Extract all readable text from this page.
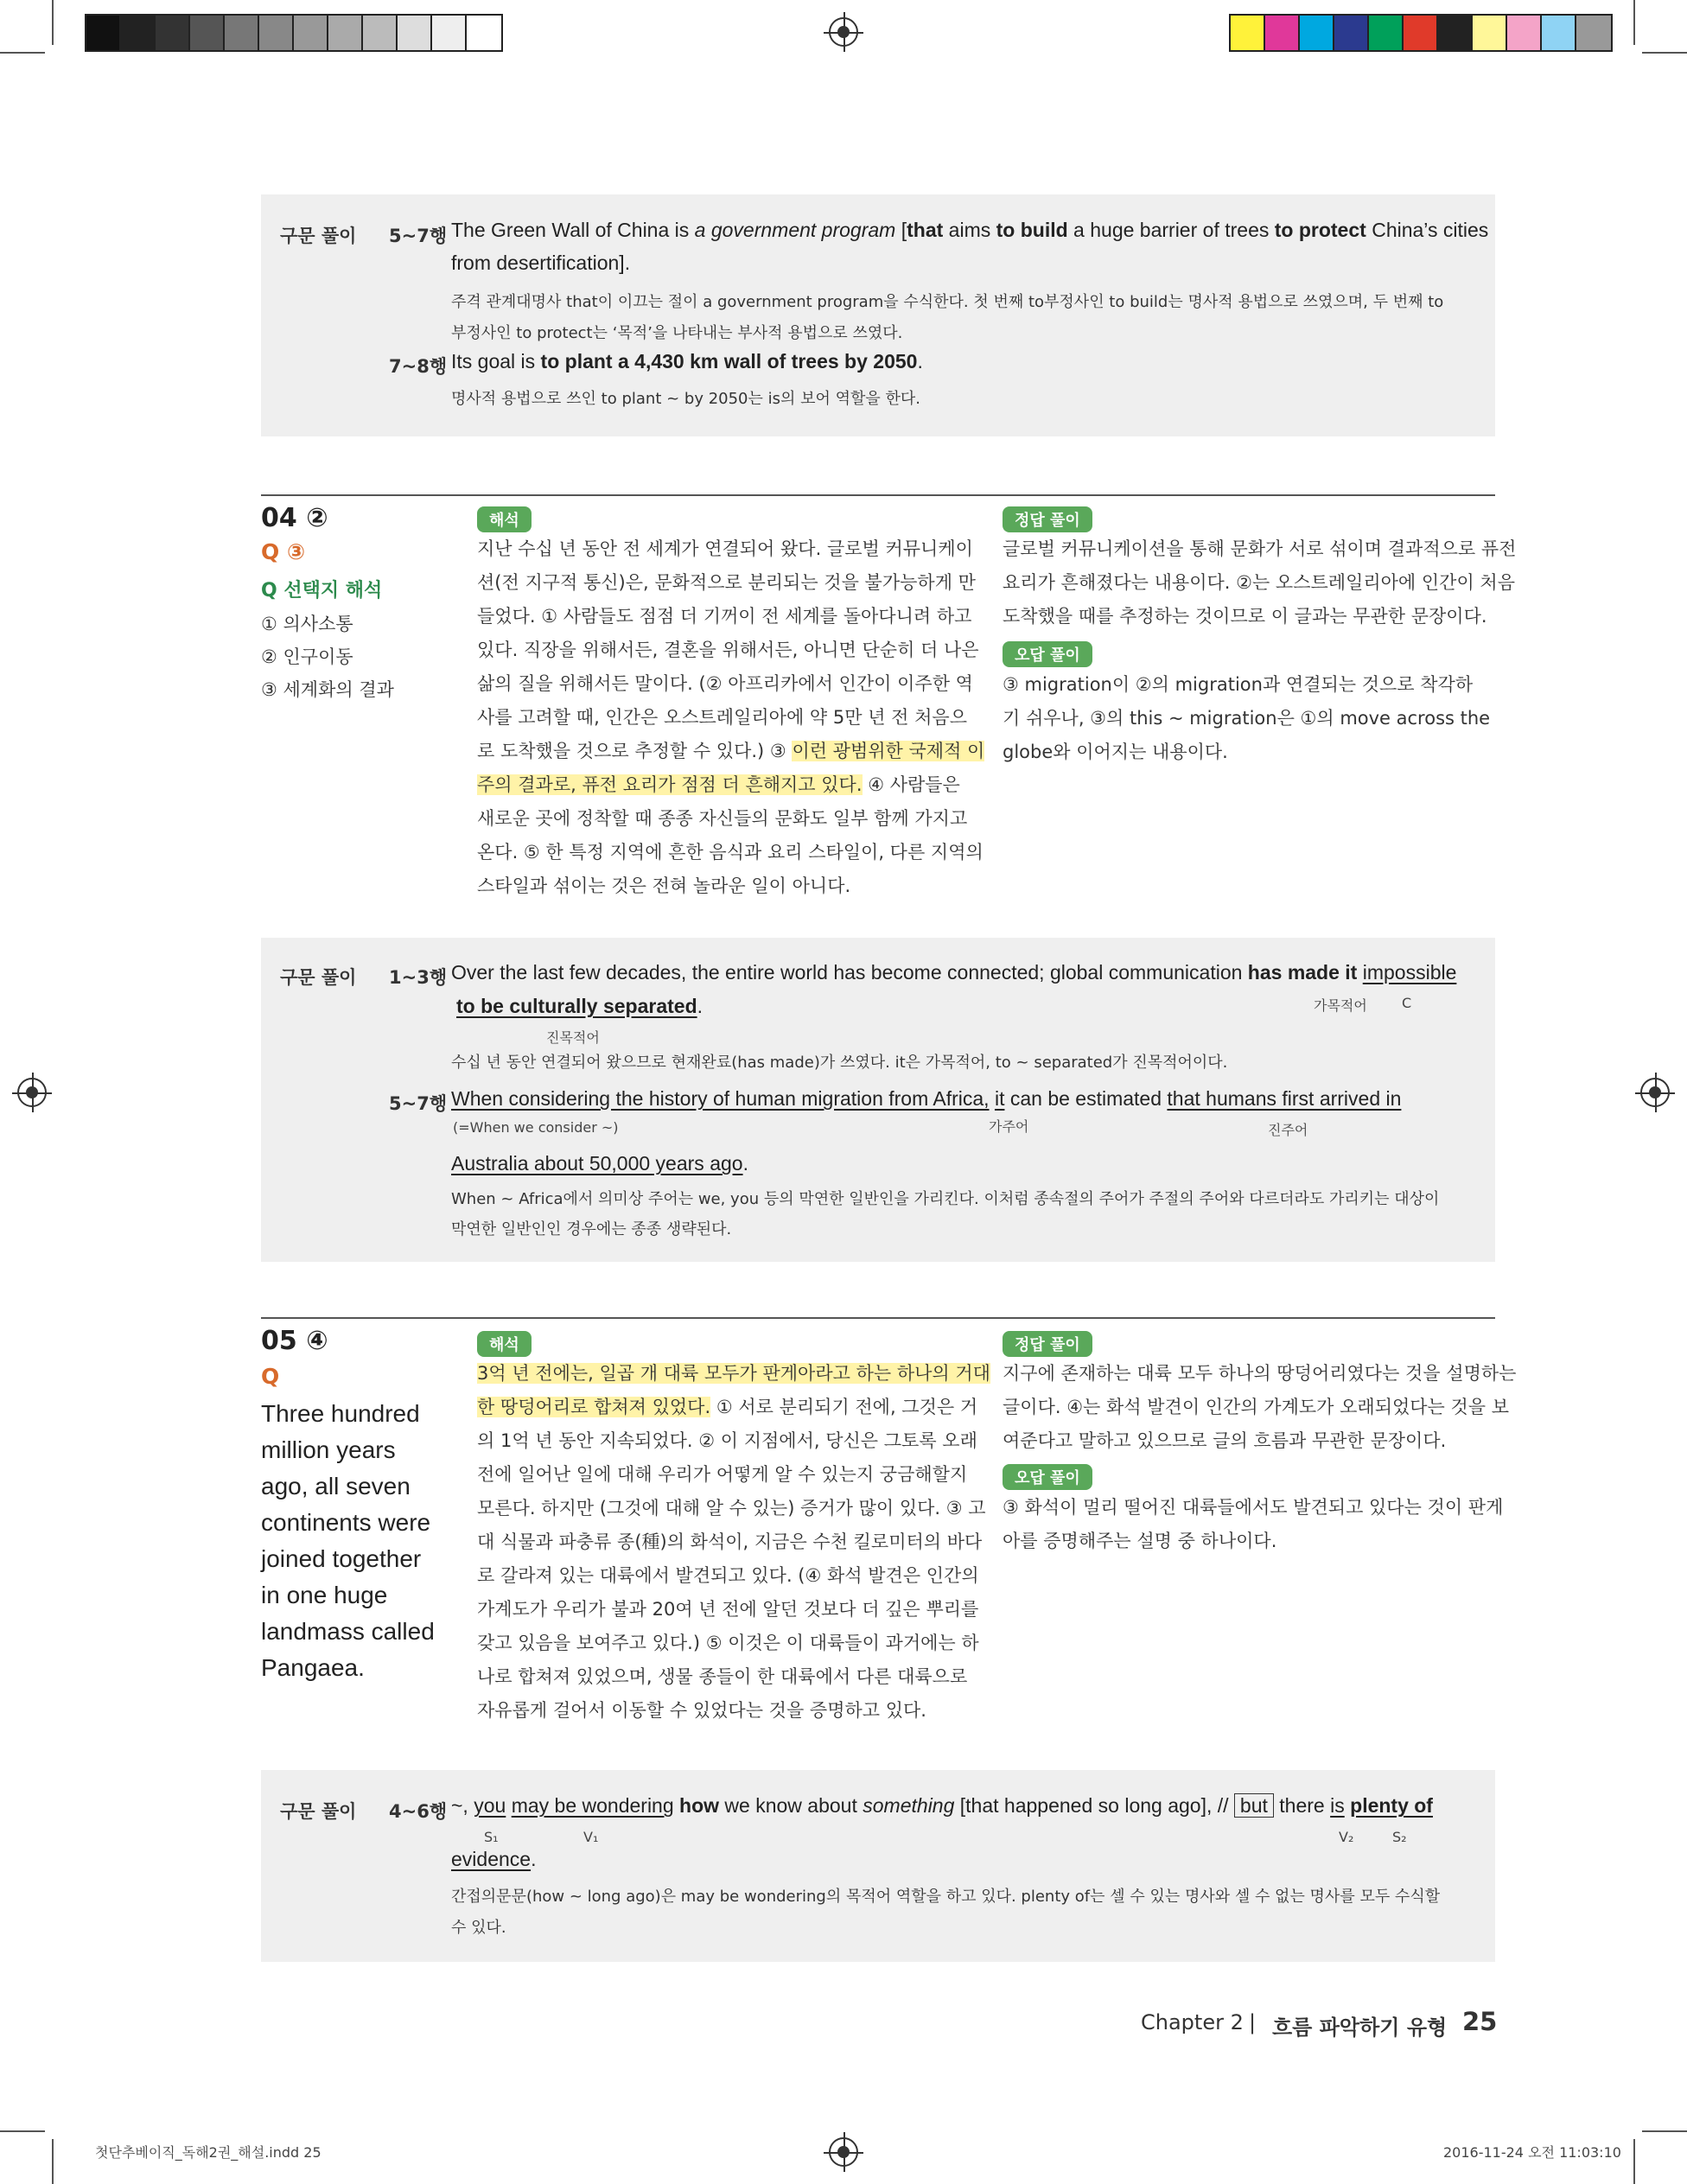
구문 풀이 5~7행 The Green Wall of China is a government program [that aims to build a huge barrier of trees to protect China’s cities
from desertification].
주격 관계대명사 that이 이끄는 절이 a government program을 수식한다. 첫 번째 to부정사인 to build는 명사적 용법으로 쓰였으며, 두 번째 to
부정사인 to protect는 ‘목적’을 나타내는 부사적 용법으로 쓰였다.
7~8행 Its goal is to plant a 4,430 km wall of trees by 2050.
명사적 용법으로 쓰인 to plant ~ by 2050는 is의 보어 역할을 한다.
04 ②
Q ③
Q 선택지 해석
① 의사소통
② 인구이동
③ 세계화의 결과
해석
지난 수십 년 동안 전 세계가 연결되어 왔다. 글로벌 커뮤니케이
션(전 지구적 통신)은, 문화적으로 분리되는 것을 불가능하게 만
들었다. ① 사람들도 점점 더 기꺼이 전 세계를 돌아다니려 하고
있다. 직장을 위해서든, 결혼을 위해서든, 아니면 단순히 더 나은
삶의 질을 위해서든 말이다. (② 아프리카에서 인간이 이주한 역
사를 고려할 때, 인간은 오스트레일리아에 약 5만 년 전 처음으
로 도착했을 것으로 추정할 수 있다.) ③ 이런 광범위한 국제적 이
주의 결과로, 퓨전 요리가 점점 더 흔해지고 있다. ④ 사람들은
새로운 곳에 정착할 때 종종 자신들의 문화도 일부 함께 가지고
온다. ⑤ 한 특정 지역에 흔한 음식과 요리 스타일이, 다른 지역의
스타일과 섞이는 것은 전혀 놀라운 일이 아니다.
정답 풀이
글로벌 커뮤니케이션을 통해 문화가 서로 섞이며 결과적으로 퓨전
요리가 흔해졌다는 내용이다. ②는 오스트레일리아에 인간이 처음
도착했을 때를 추정하는 것이므로 이 글과는 무관한 문장이다.
오답 풀이
③ migration이 ②의 migration과 연결되는 것으로 착각하
기 쉬우나, ③의 this ~ migration은 ①의 move across the
globe와 이어지는 내용이다.
구문 풀이 1~3행 Over the last few decades, the entire world has become connected; global communication has made it impossible
가목적어	C
to be culturally separated.
진목적어
수십 년 동안 연결되어 왔으므로 현재완료(has made)가 쓰였다. it은 가목적어, to ~ separated가 진목적어이다.
5~7행 When considering the history of human migration from Africa, it can be estimated that humans first arrived in
(=When we consider ~)	가주어	진주어
Australia about 50,000 years ago.
When ~ Africa에서 의미상 주어는 we, you 등의 막연한 일반인을 가리킨다. 이처럼 종속절의 주어가 주절의 주어와 다르더라도 가리키는 대상이
막연한 일반인인 경우에는 종종 생략된다.
05 ④
Q
Three hundred
million years
ago, all seven
continents were
joined together
in one huge
landmass called
Pangaea.
해석
3억 년 전에는, 일곱 개 대륙 모두가 판게아라고 하는 하나의 거대
한 땅덩어리로 합쳐져 있었다. ① 서로 분리되기 전에, 그것은 거
의 1억 년 동안 지속되었다. ② 이 지점에서, 당신은 그토록 오래
전에 일어난 일에 대해 우리가 어떻게 알 수 있는지 궁금해할지
모른다. 하지만 (그것에 대해 알 수 있는) 증거가 많이 있다. ③ 고
대 식물과 파충류 종(種)의 화석이, 지금은 수천 킬로미터의 바다
로 갈라져 있는 대륙에서 발견되고 있다. (④ 화석 발견은 인간의
가계도가 우리가 불과 20여 년 전에 알던 것보다 더 깊은 뿌리를
갖고 있음을 보여주고 있다.) ⑤ 이것은 이 대륙들이 과거에는 하
나로 합쳐져 있었으며, 생물 종들이 한 대륙에서 다른 대륙으로
자유롭게 걸어서 이동할 수 있었다는 것을 증명하고 있다.
정답 풀이
지구에 존재하는 대륙 모두 하나의 땅덩어리였다는 것을 설명하는
글이다. ④는 화석 발견이 인간의 가계도가 오래되었다는 것을 보
여준다고 말하고 있으므로 글의 흐름과 무관한 문장이다.
오답 풀이
③ 화석이 멀리 떨어진 대륙들에서도 발견되고 있다는 것이 판게
아를 증명해주는 설명 중 하나이다.
구문 풀이 4~6행 ~, you may be wondering how we know about something [that happened so long ago], // but there is plenty of
S₁	V₁	V₂	S₂
evidence.
간접의문문(how ~ long ago)은 may be wondering의 목적어 역할을 하고 있다. plenty of는 셀 수 있는 명사와 셀 수 없는 명사를 모두 수식할
수 있다.
Chapter 2 | 흐름 파악하기 유형 25
첫단추베이직_독해2권_해설.indd 25	2016-11-24 오전 11:03:10
